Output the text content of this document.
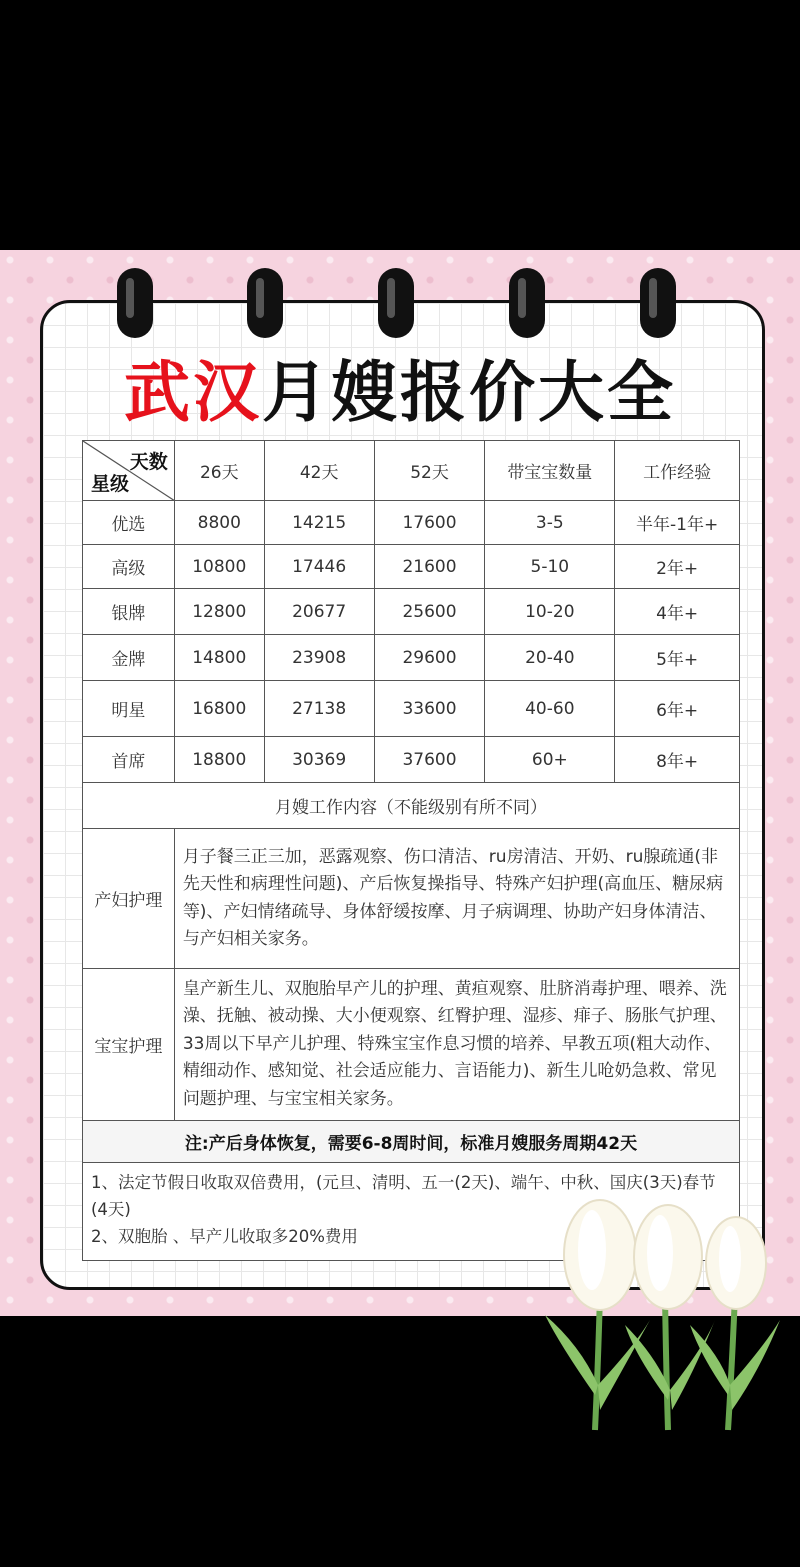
武汉月嫂报价大全
天数
星级	26天	42天	52天	带宝宝数量	工作经验
优选	8800	14215	17600	3-5	半年-1年+
高级	10800	17446	21600	5-10	2年+
银牌	12800	20677	25600	10-20	4年+
金牌	14800	23908	29600	20-40	5年+
明星	16800	27138	33600	40-60	6年+
首席	18800	30369	37600	60+	8年+
月嫂工作内容（不能级别有所不同）					
产妇护理	月子餐三正三加，恶露观察、伤口清洁、ru房清洁、开奶、ru腺疏通(非先天性和病理性问题)、产后恢复操指导、特殊产妇护理(高血压、糖尿病等)、产妇情绪疏导、身体舒缓按摩、月子病调理、协助产妇身体清洁、与产妇相关家务。				
宝宝护理	皇产新生儿、双胞胎早产儿的护理、黄疸观察、肚脐消毒护理、喂养、洗澡、抚触、被动操、大小便观察、红臀护理、湿疹、痱子、肠胀气护理、33周以下早产儿护理、特殊宝宝作息习惯的培养、早教五项(粗大动作、精细动作、感知觉、社会适应能力、言语能力)、新生儿呛奶急救、常见问题护理、与宝宝相关家务。				
注:产后身体恢复，需要6-8周时间，标准月嫂服务周期42天					

1、法定节假日收取双倍费用，(元旦、清明、五一(2天)、端午、中秋、国庆(3天)春节(4天)
2、双胞胎 、早产儿收取多20%费用					
